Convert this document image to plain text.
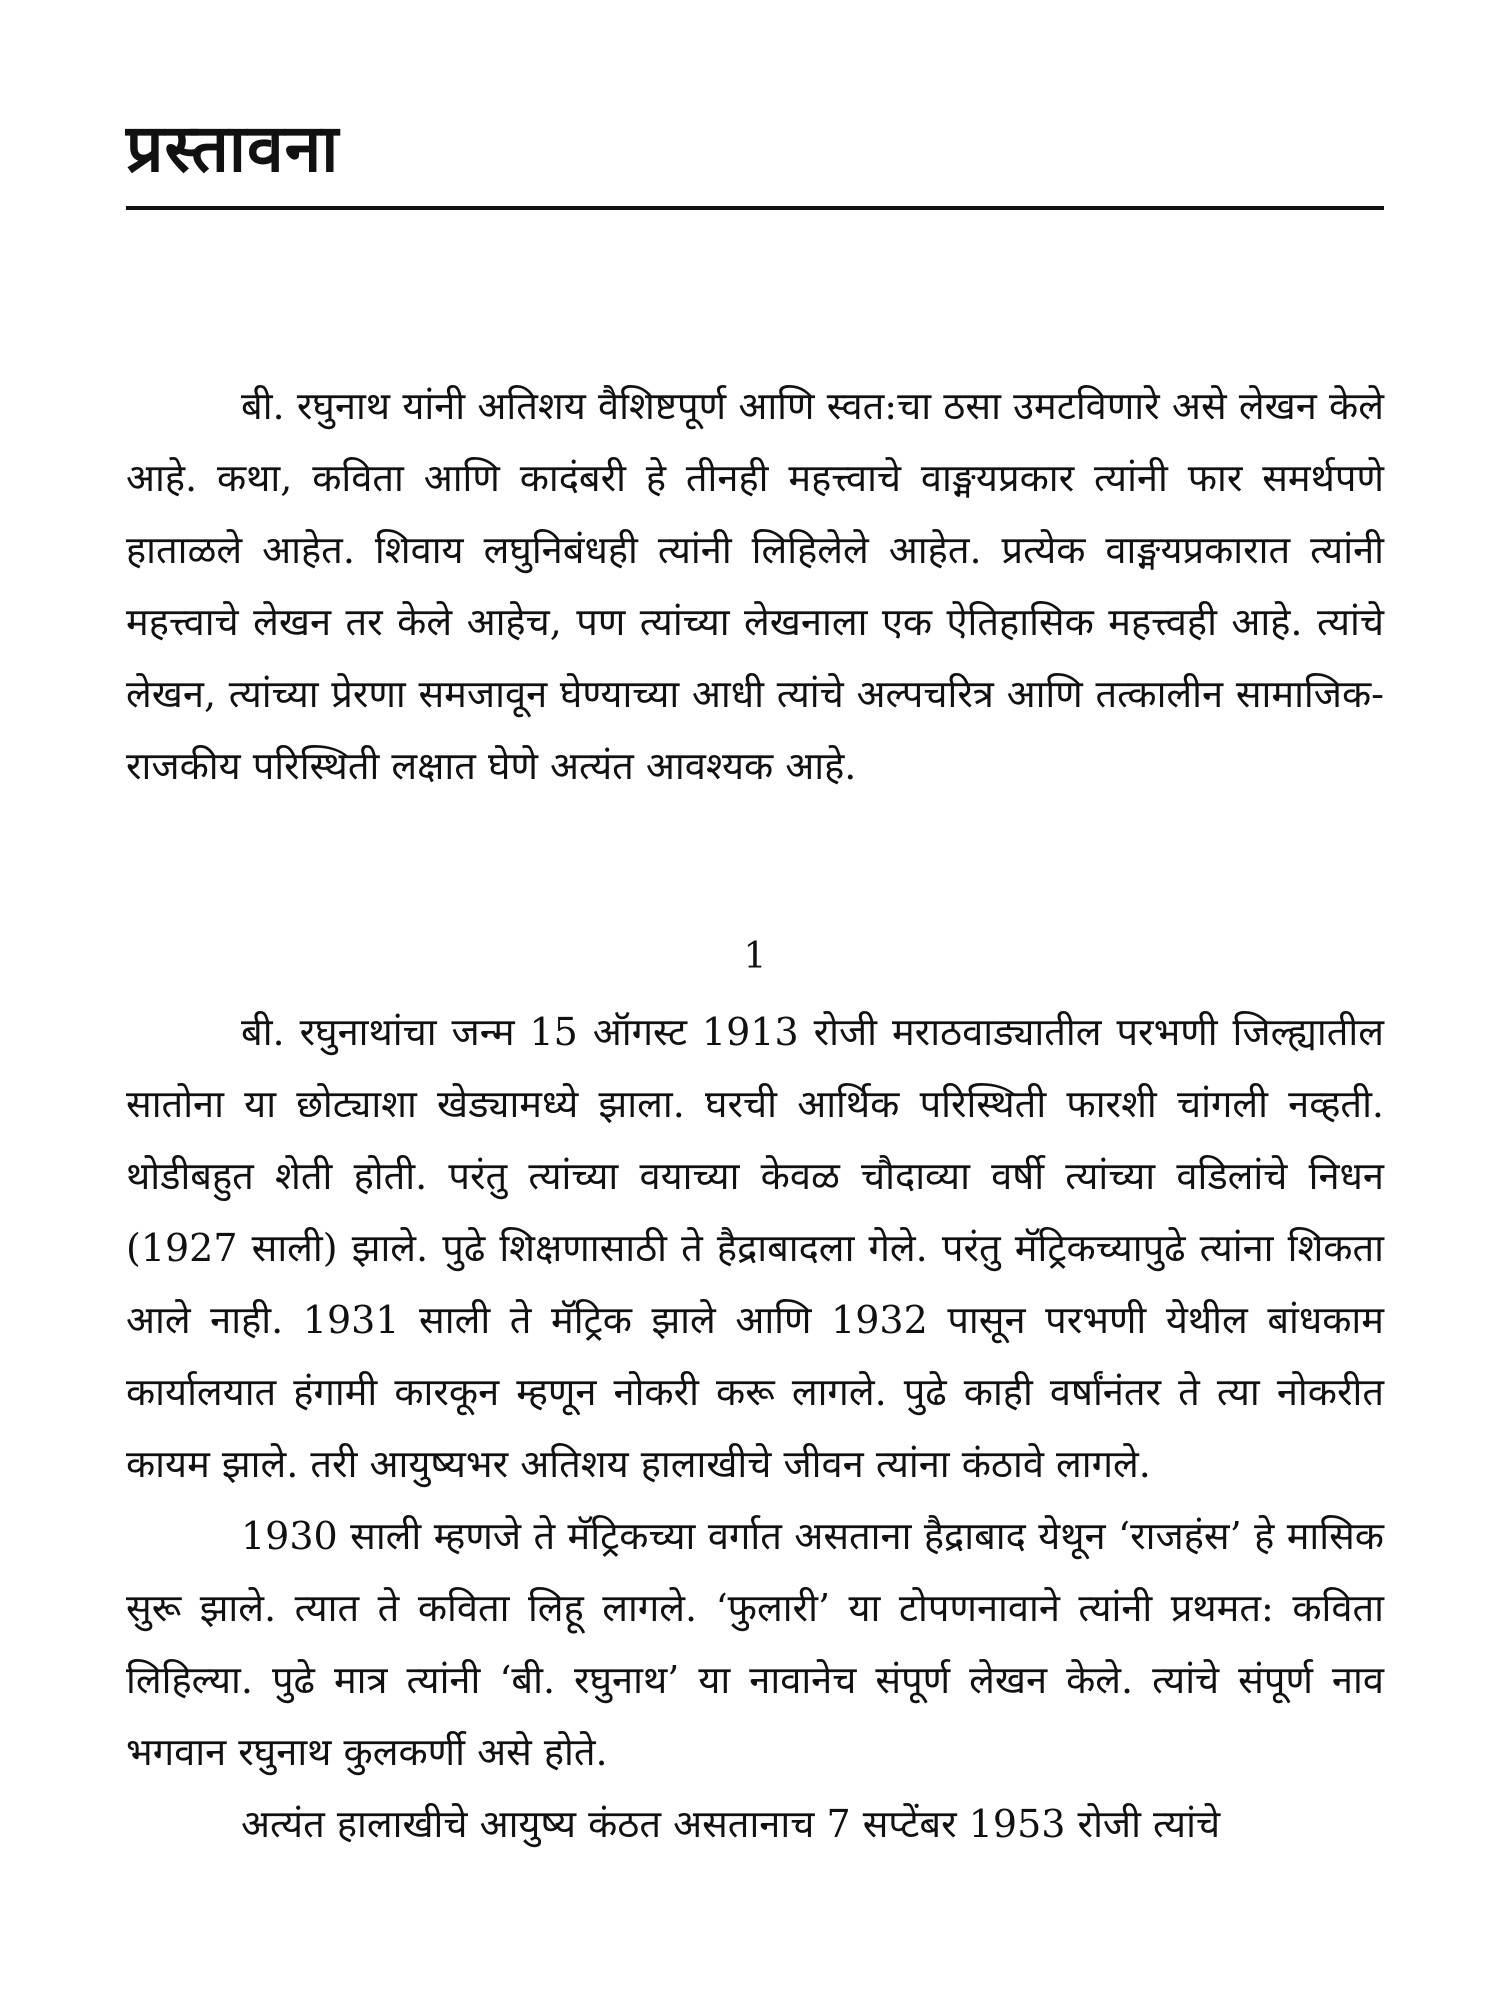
प्रस्तावना

बी. रघुनाथ यांनी अतिशय वैशिष्टपूर्ण आणि स्वत:चा ठसा उमटविणारे असे लेखन केले आहे. कथा, कविता आणि कादंबरी हे तीनही महत्त्वाचे वाङ्मयप्रकार त्यांनी फार समर्थपणे हाताळले आहेत. शिवाय लघुनिबंधही त्यांनी लिहिलेले आहेत. प्रत्येक वाङ्मयप्रकारात त्यांनी महत्त्वाचे लेखन तर केले आहेच, पण त्यांच्या लेखनाला एक ऐतिहासिक महत्त्वही आहे. त्यांचे लेखन, त्यांच्या प्रेरणा समजावून घेण्याच्या आधी त्यांचे अल्पचरित्र आणि तत्कालीन सामाजिक-राजकीय परिस्थिती लक्षात घेणे अत्यंत आवश्यक आहे.

1

बी. रघुनाथांचा जन्म 15 ऑगस्ट 1913 रोजी मराठवाड्यातील परभणी जिल्ह्यातील सातोना या छोट्याशा खेड्यामध्ये झाला. घरची आर्थिक परिस्थिती फारशी चांगली नव्हती. थोडीबहुत शेती होती. परंतु त्यांच्या वयाच्या केवळ चौदाव्या वर्षी त्यांच्या वडिलांचे निधन (1927 साली) झाले. पुढे शिक्षणासाठी ते हैद्राबादला गेले. परंतु मॅट्रिकच्यापुढे त्यांना शिकता आले नाही. 1931 साली ते मॅट्रिक झाले आणि 1932 पासून परभणी येथील बांधकाम कार्यालयात हंगामी कारकून म्हणून नोकरी करू लागले. पुढे काही वर्षांनंतर ते त्या नोकरीत कायम झाले. तरी आयुष्यभर अतिशय हालाखीचे जीवन त्यांना कंठावे लागले.

1930 साली म्हणजे ते मॅट्रिकच्या वर्गात असताना हैद्राबाद येथून ‘राजहंस’ हे मासिक सुरू झाले. त्यात ते कविता लिहू लागले. ‘फुलारी’ या टोपणनावाने त्यांनी प्रथमत: कविता लिहिल्या. पुढे मात्र त्यांनी ‘बी. रघुनाथ’ या नावानेच संपूर्ण लेखन केले. त्यांचे संपूर्ण नाव भगवान रघुनाथ कुलकर्णी असे होते.

अत्यंत हालाखीचे आयुष्य कंठत असतानाच 7 सप्टेंबर 1953 रोजी त्यांचे
